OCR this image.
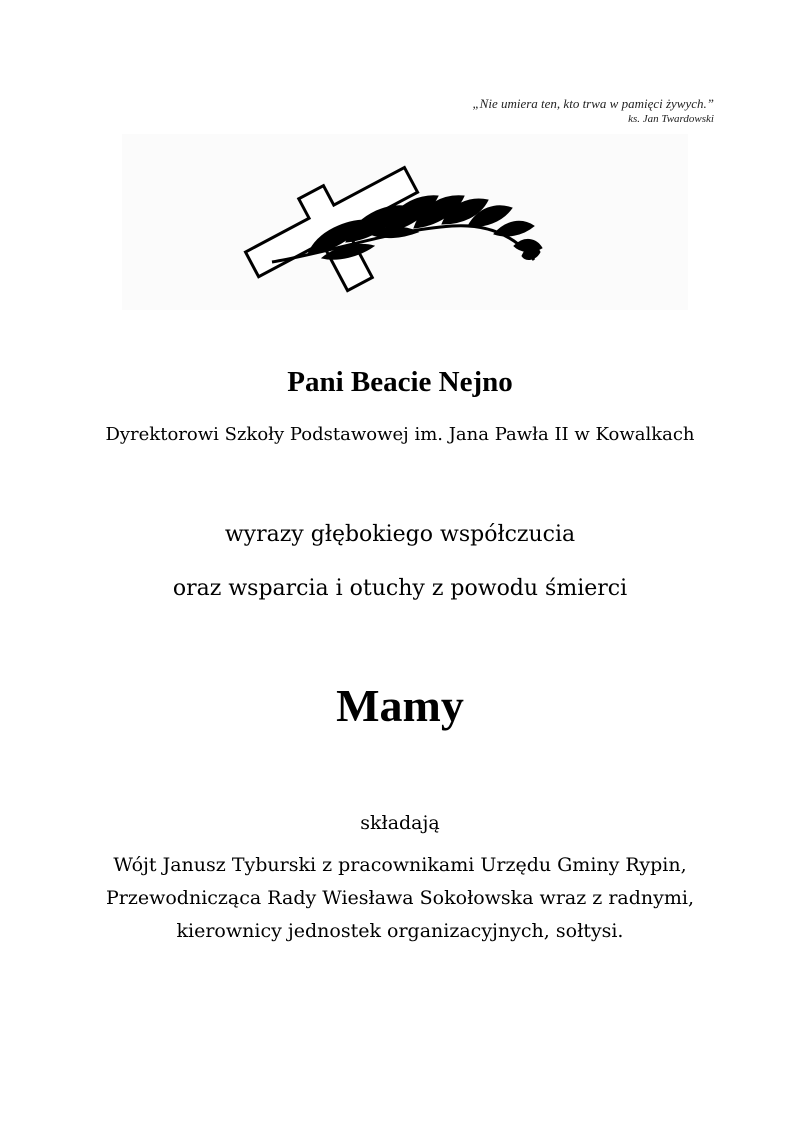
„Nie umiera ten, kto trwa w pamięci żywych.”
ks. Jan Twardowski
Pani Beacie Nejno
Dyrektorowi Szkoły Podstawowej im. Jana Pawła II w Kowalkach
wyrazy głębokiego współczucia
oraz wsparcia i otuchy z powodu śmierci
Mamy
składają
Wójt Janusz Tyburski z pracownikami Urzędu Gminy Rypin,
Przewodnicząca Rady Wiesława Sokołowska wraz z radnymi,
kierownicy jednostek organizacyjnych, sołtysi.
